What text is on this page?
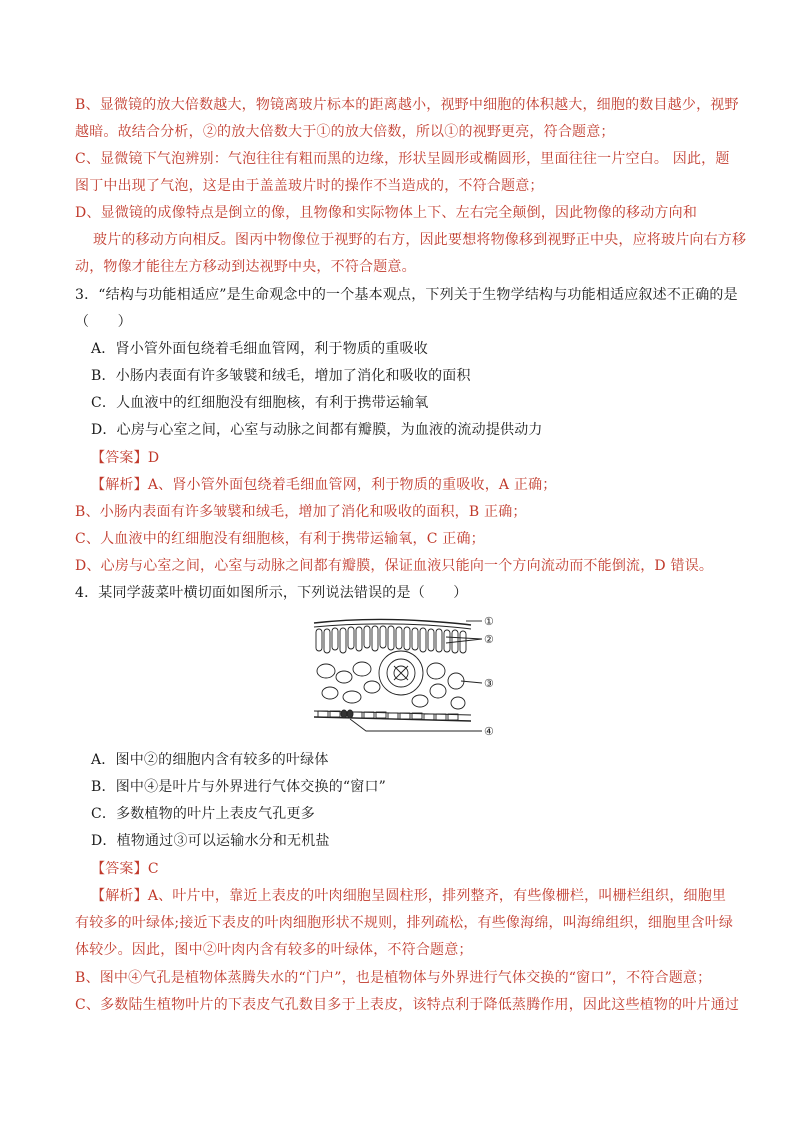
B、显微镜的放大倍数越大，物镜离玻片标本的距离越小，视野中细胞的体积越大，细胞的数目越少，视野
越暗。故结合分析，②的放大倍数大于①的放大倍数，所以①的视野更亮，符合题意；
C、显微镜下气泡辨别：气泡往往有粗而黑的边缘，形状呈圆形或椭圆形，里面往往一片空白。 因此，题
图丁中出现了气泡，这是由于盖盖玻片时的操作不当造成的，不符合题意；
D、显微镜的成像特点是倒立的像，且物像和实际物体上下、左右完全颠倒，因此物像的移动方向和
玻片的移动方向相反。图丙中物像位于视野的右方，因此要想将物像移到视野正中央，应将玻片向右方移
动，物像才能往左方移动到达视野中央，不符合题意。
3．“结构与功能相适应”是生命观念中的一个基本观点，下列关于生物学结构与功能相适应叙述不正确的是
（　　）
A．肾小管外面包绕着毛细血管网，利于物质的重吸收
B．小肠内表面有许多皱襞和绒毛，增加了消化和吸收的面积
C．人血液中的红细胞没有细胞核，有利于携带运输氧
D．心房与心室之间，心室与动脉之间都有瓣膜，为血液的流动提供动力
【答案】D
【解析】A、肾小管外面包绕着毛细血管网，利于物质的重吸收，A 正确；
B、小肠内表面有许多皱襞和绒毛，增加了消化和吸收的面积，B 正确；
C、人血液中的红细胞没有细胞核，有利于携带运输氧，C 正确；
D、心房与心室之间，心室与动脉之间都有瓣膜，保证血液只能向一个方向流动而不能倒流，D 错误。
4．某同学菠菜叶横切面如图所示，下列说法错误的是（　　）
①
②
③
④
A．图中②的细胞内含有较多的叶绿体
B．图中④是叶片与外界进行气体交换的“窗口”
C．多数植物的叶片上表皮气孔更多
D．植物通过③可以运输水分和无机盐
【答案】C
【解析】A、叶片中，靠近上表皮的叶肉细胞呈圆柱形，排列整齐，有些像栅栏，叫栅栏组织，细胞里
有较多的叶绿体;接近下表皮的叶肉细胞形状不规则，排列疏松，有些像海绵，叫海绵组织，细胞里含叶绿
体较少。因此，图中②叶肉内含有较多的叶绿体，不符合题意；
B、图中④气孔是植物体蒸腾失水的“门户”，也是植物体与外界进行气体交换的“窗口”，不符合题意；
C、多数陆生植物叶片的下表皮气孔数目多于上表皮，该特点利于降低蒸腾作用，因此这些植物的叶片通过
